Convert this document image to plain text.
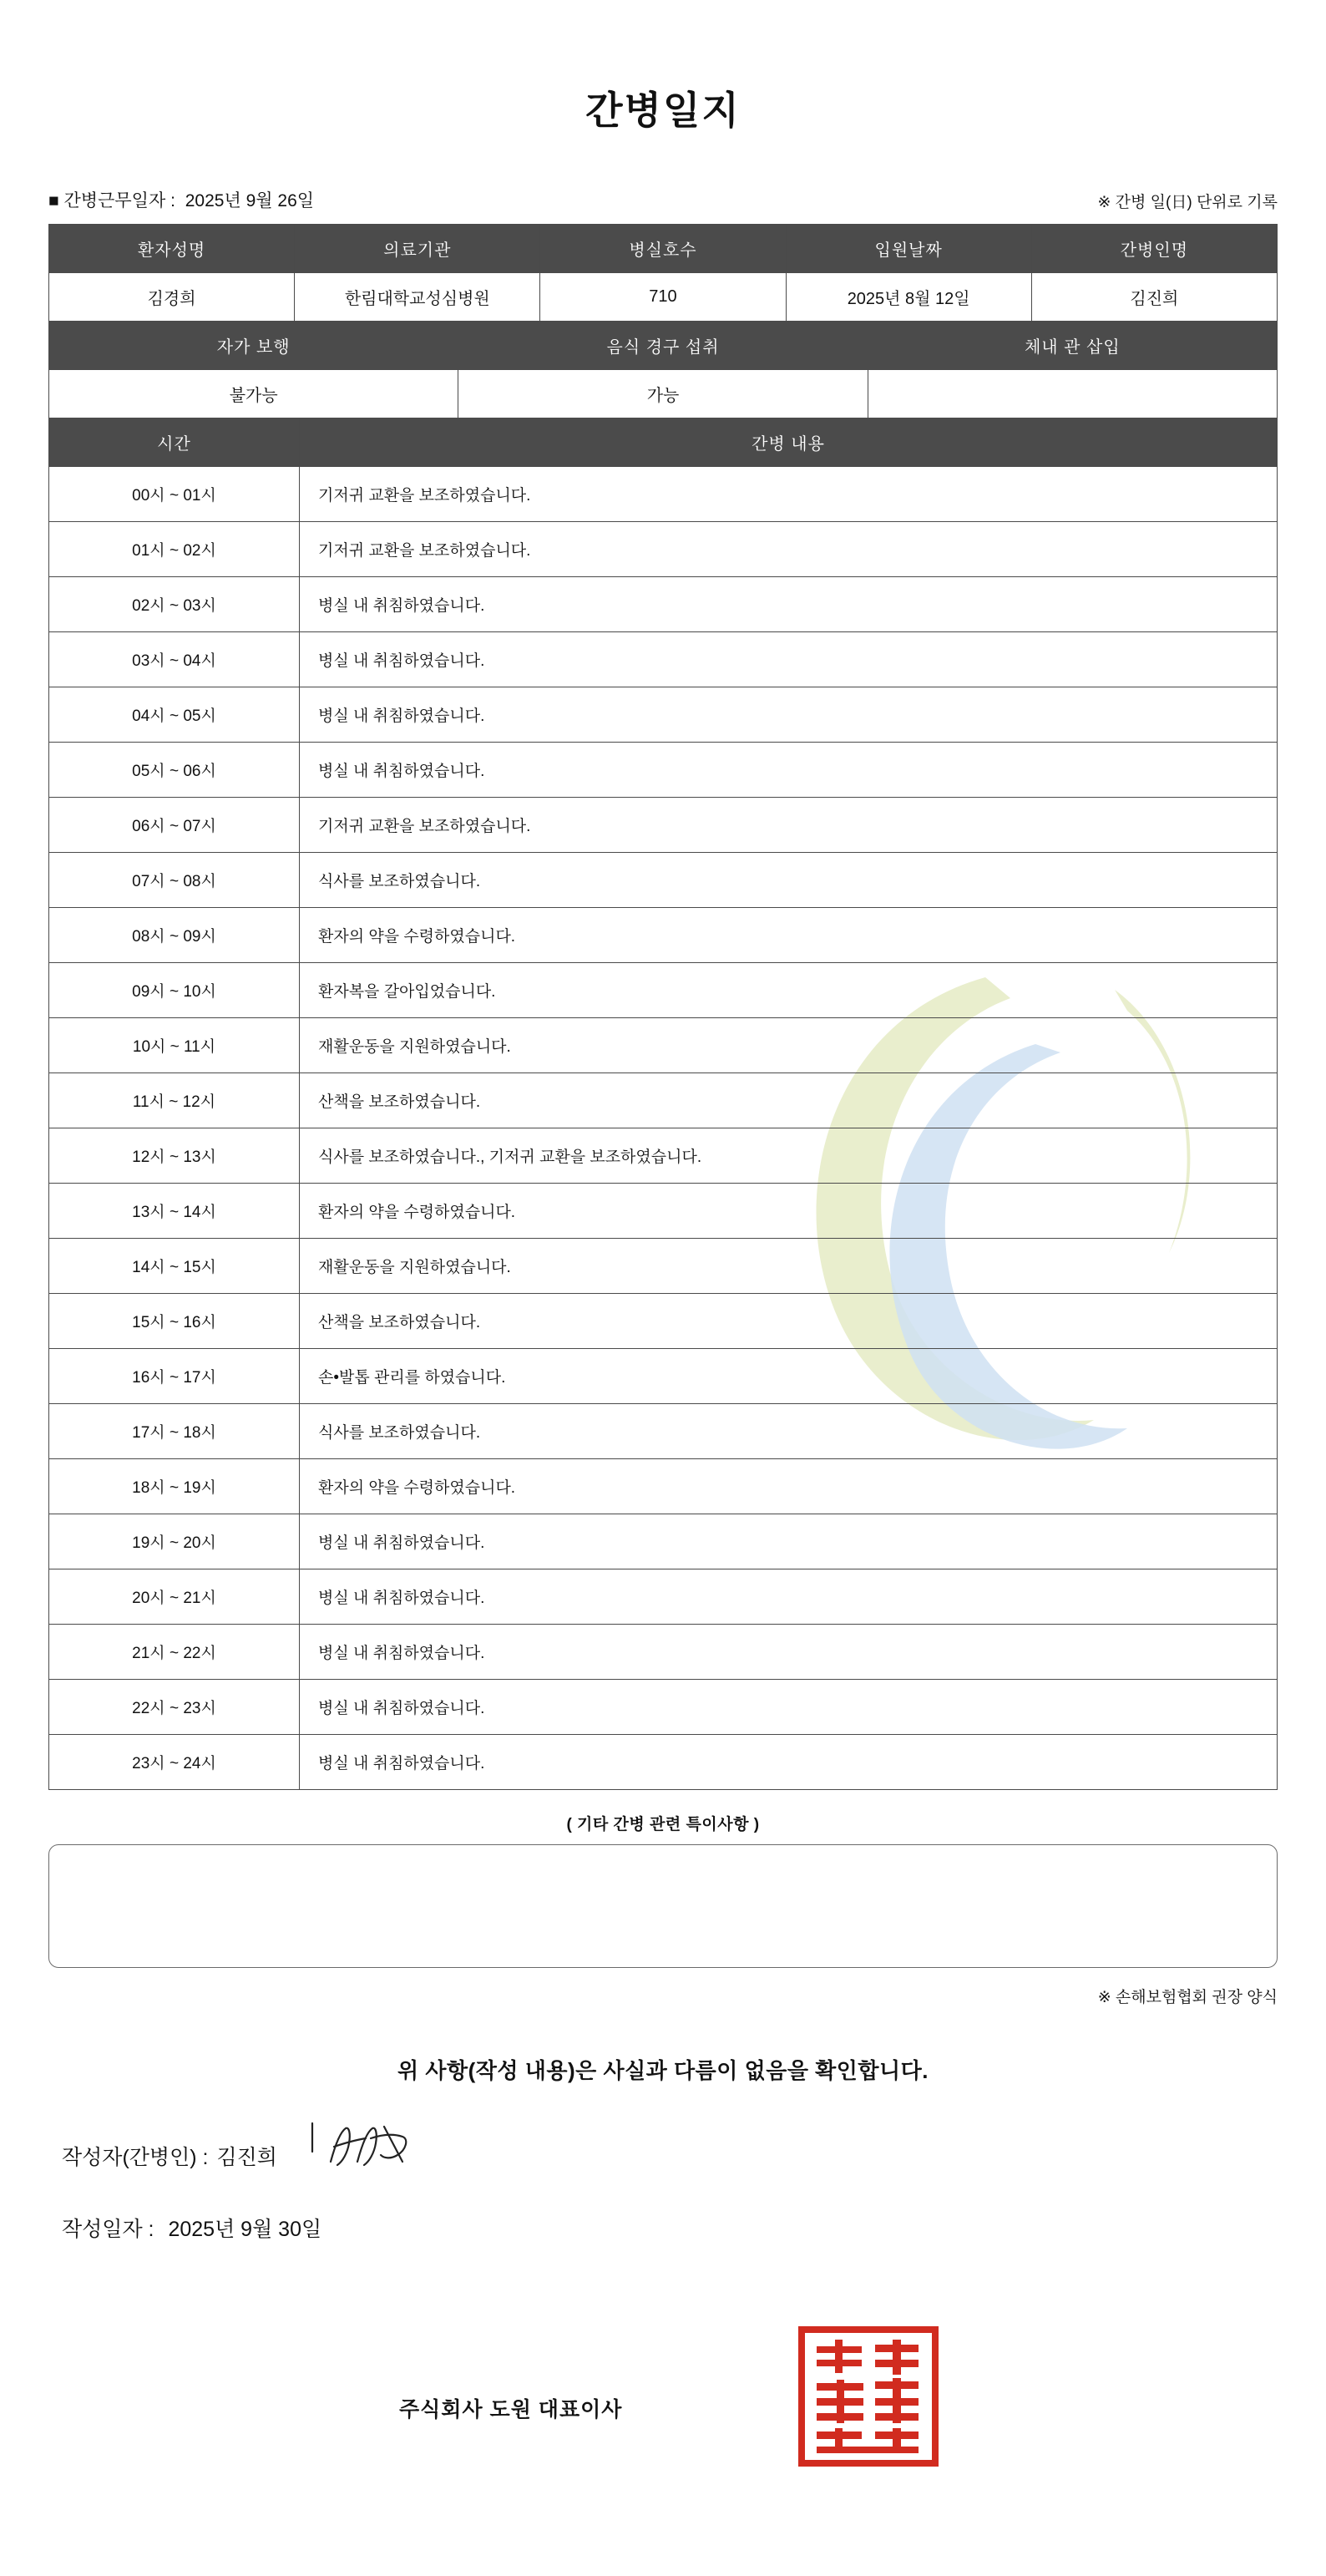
간병일지
■ 간병근무일자 : 2025년 9월 26일	※ 간병 일(日) 단위로 기록
환자성명	의료기관	병실호수	입원날짜	간병인명
김경희	한림대학교성심병원	710	2025년 8월 12일	김진희
자가 보행	음식 경구 섭취	체내 관 삽입
불가능	가능	
시간	간병 내용
00시 ~ 01시	기저귀 교환을 보조하였습니다.
01시 ~ 02시	기저귀 교환을 보조하였습니다.
02시 ~ 03시	병실 내 취침하였습니다.
03시 ~ 04시	병실 내 취침하였습니다.
04시 ~ 05시	병실 내 취침하였습니다.
05시 ~ 06시	병실 내 취침하였습니다.
06시 ~ 07시	기저귀 교환을 보조하였습니다.
07시 ~ 08시	식사를 보조하였습니다.
08시 ~ 09시	환자의 약을 수령하였습니다.
09시 ~ 10시	환자복을 갈아입었습니다.
10시 ~ 11시	재활운동을 지원하였습니다.
11시 ~ 12시	산책을 보조하였습니다.
12시 ~ 13시	식사를 보조하였습니다., 기저귀 교환을 보조하였습니다.
13시 ~ 14시	환자의 약을 수령하였습니다.
14시 ~ 15시	재활운동을 지원하였습니다.
15시 ~ 16시	산책을 보조하였습니다.
16시 ~ 17시	손•발톱 관리를 하였습니다.
17시 ~ 18시	식사를 보조하였습니다.
18시 ~ 19시	환자의 약을 수령하였습니다.
19시 ~ 20시	병실 내 취침하였습니다.
20시 ~ 21시	병실 내 취침하였습니다.
21시 ~ 22시	병실 내 취침하였습니다.
22시 ~ 23시	병실 내 취침하였습니다.
23시 ~ 24시	병실 내 취침하였습니다.
( 기타 간병 관련 특이사항 )
※ 손해보험협회 권장 양식
위 사항(작성 내용)은 사실과 다름이 없음을 확인합니다.
작성자(간병인) : 김진희
작성일자 : 2025년 9월 30일
주식회사 도원 대표이사
